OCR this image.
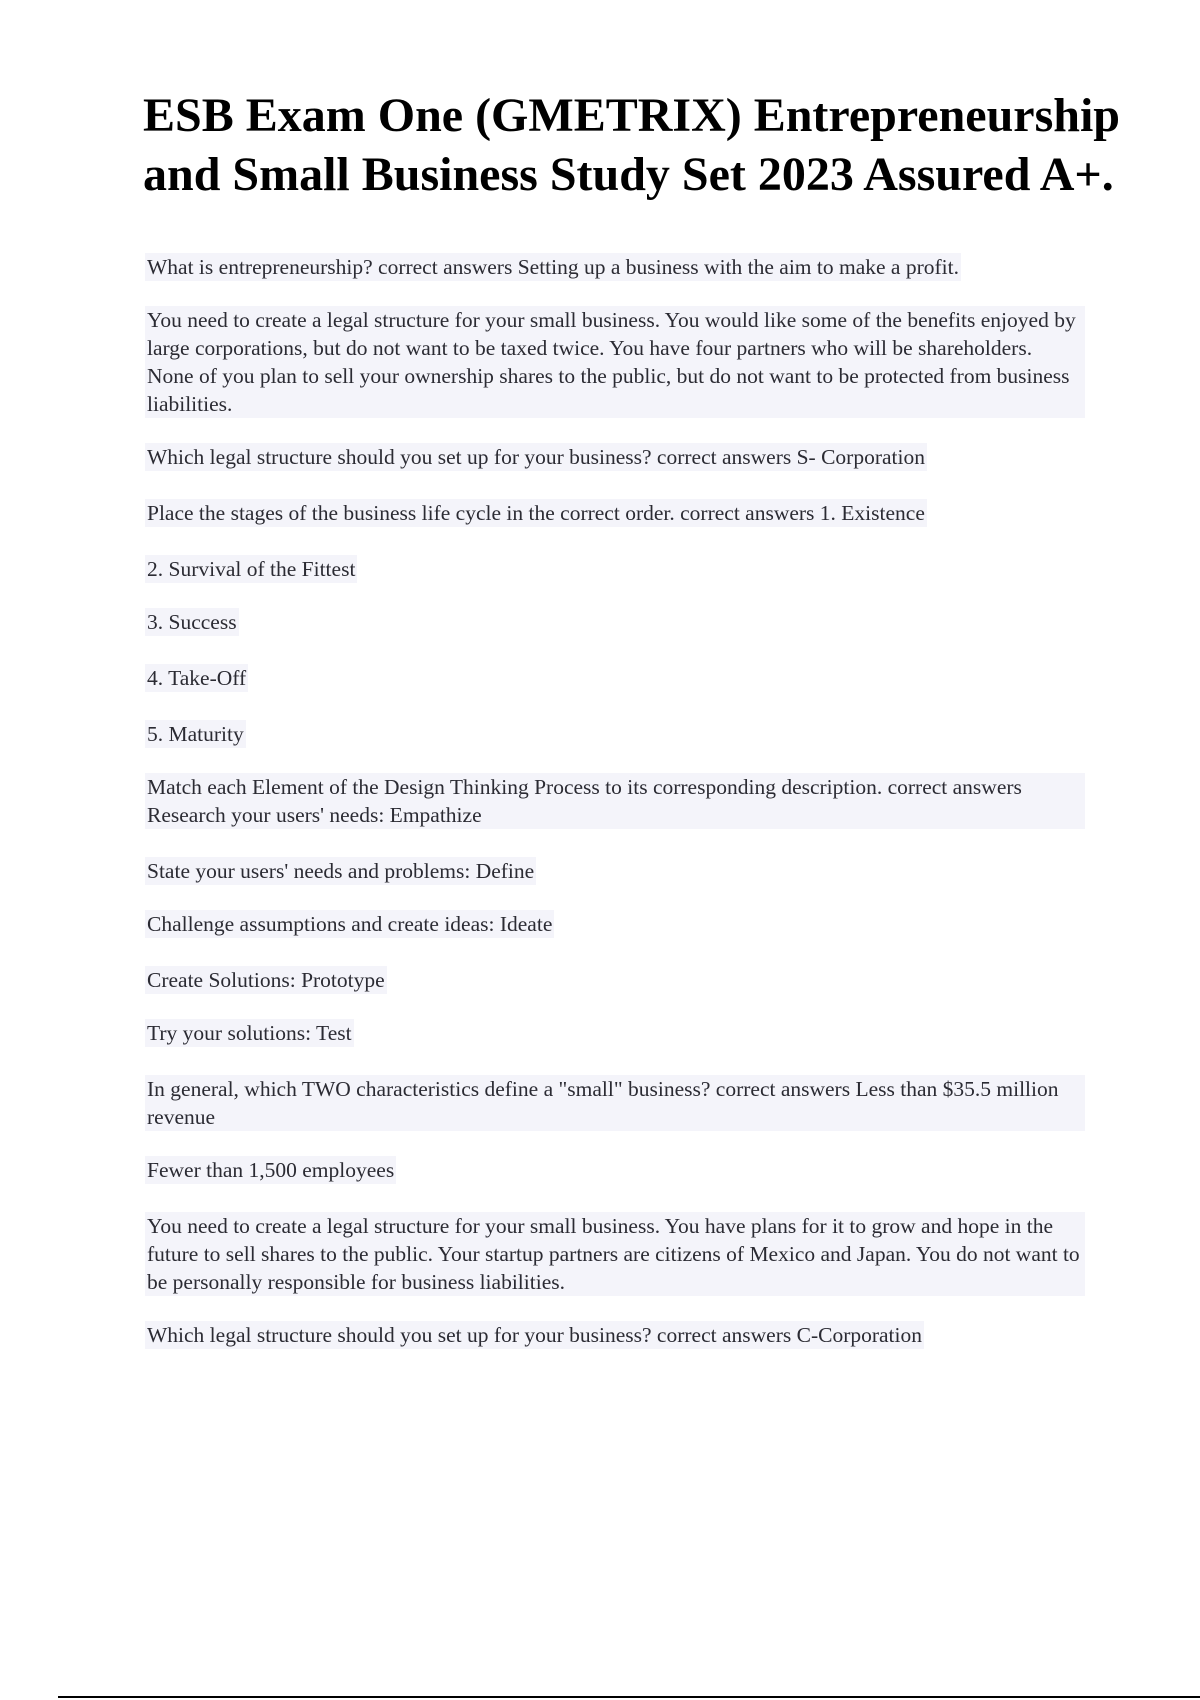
ESB Exam One (GMETRIX) Entrepreneurship
and Small Business Study Set 2023 Assured A+.

What is entrepreneurship? correct answers Setting up a business with the aim to make a profit.

You need to create a legal structure for your small business. You would like some of the benefits enjoyed by large corporations, but do not want to be taxed twice. You have four partners who will be shareholders. None of you plan to sell your ownership shares to the public, but do not want to be protected from business liabilities.

Which legal structure should you set up for your business? correct answers S- Corporation

Place the stages of the business life cycle in the correct order. correct answers 1. Existence

2. Survival of the Fittest

3. Success

4. Take-Off

5. Maturity

Match each Element of the Design Thinking Process to its corresponding description. correct answers Research your users' needs: Empathize

State your users' needs and problems: Define

Challenge assumptions and create ideas: Ideate

Create Solutions: Prototype

Try your solutions: Test

In general, which TWO characteristics define a "small" business? correct answers Less than $35.5 million revenue

Fewer than 1,500 employees

You need to create a legal structure for your small business. You have plans for it to grow and hope in the future to sell shares to the public. Your startup partners are citizens of Mexico and Japan. You do not want to be personally responsible for business liabilities.

Which legal structure should you set up for your business? correct answers C-Corporation
